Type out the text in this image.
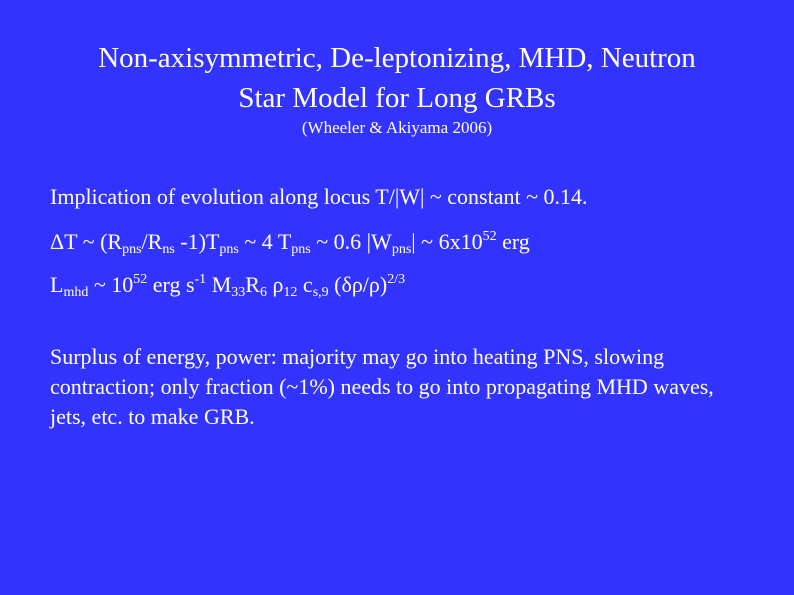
Non-axisymmetric, De-leptonizing, MHD, Neutron
Star Model for Long GRBs
(Wheeler & Akiyama 2006)
Implication of evolution along locus T/|W| ~ constant ~ 0.14.
ΔT ~ ($R_{pns}/R_{ns}$ $-1)T_{pns}$ ~ 4 $T_{pns}$ ~ 0.6 $|W_{pns}|$ ~ $6x10^{52}$ erg
$L_{mhd}$ ~ $10^{52}$ erg $s^{-1}$ $M_{33}R_6$ $\rho_{12}$ $c_{s,9}$ $(\delta\rho/\rho)^{2/3}$
Surplus of energy, power: majority may go into heating PNS, slowing contraction; only fraction (~1%) needs to go into propagating MHD waves, jets, etc. to make GRB.
